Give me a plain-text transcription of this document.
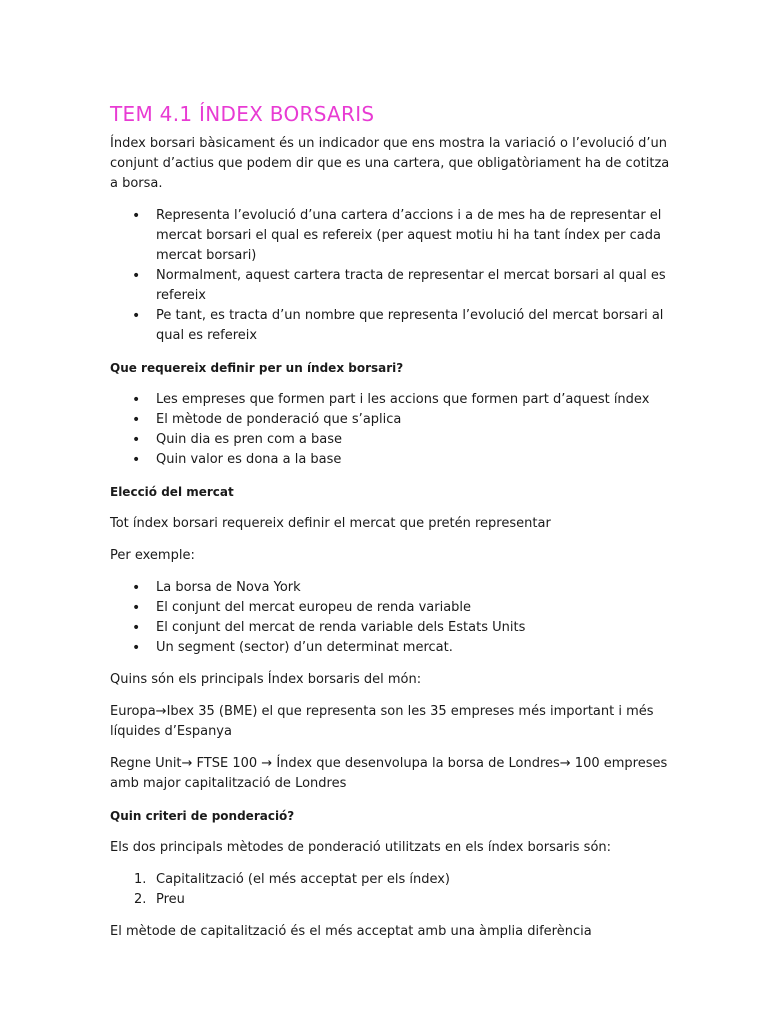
TEM 4.1 ÍNDEX BORSARIS

Índex borsari bàsicament és un indicador que ens mostra la variació o l’evolució d’un conjunt d’actius que podem dir que es una cartera, que obligatòriament ha de cotitza a borsa.

• Representa l’evolució d’una cartera d’accions i a de mes ha de representar el mercat borsari el qual es refereix (per aquest motiu hi ha tant índex per cada mercat borsari)
• Normalment, aquest cartera tracta de representar el mercat borsari al qual es refereix
• Pe tant, es tracta d’un nombre que representa l’evolució del mercat borsari al qual es refereix
Que requereix definir per un índex borsari?
• Les empreses que formen part i les accions que formen part d’aquest índex
• El mètode de ponderació que s’aplica
• Quin dia es pren com a base
• Quin valor es dona a la base
Elecció del mercat

Tot índex borsari requereix definir el mercat que pretén representar

Per exemple:

• La borsa de Nova York
• El conjunt del mercat europeu de renda variable
• El conjunt del mercat de renda variable dels Estats Units
• Un segment (sector) d’un determinat mercat.

Quins són els principals Índex borsaris del món:

Europa→Ibex 35 (BME) el que representa son les 35 empreses més important i més líquides d’Espanya

Regne Unit→ FTSE 100 → Índex que desenvolupa la borsa de Londres→ 100 empreses amb major capitalització de Londres

Quin criteri de ponderació?

Els dos principals mètodes de ponderació utilitzats en els índex borsaris són:

1. Capitalització (el més acceptat per els índex)
2. Preu

El mètode de capitalització és el més acceptat amb una àmplia diferència
